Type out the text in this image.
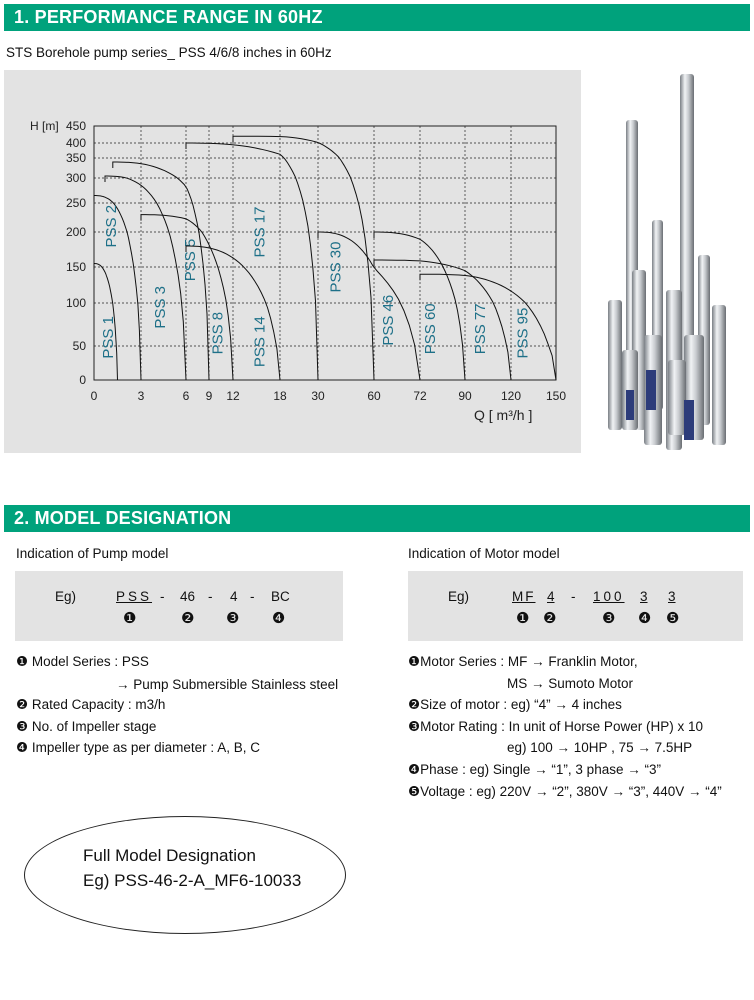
1. PERFORMANCE RANGE IN 60HZ
STS Borehole pump series_ PSS 4/6/8 inches in 60Hz
0	3	6 9 12	18 30	60	72	90 120 150
0
50
100
150
200
250
300
350
400
450
H [m]
Q [ m³/h ]
PSS 1
PSS 2
PSS 3
PSS 5
PSS 8 PSS 14
PSS 17
PSS 30
PSS 46 PSS 60 PSS 77 PSS 95
2. MODEL DESIGNATION
Indication of Pump model
Eg)	PSS - 46 - 4 - BC
❶	❷ ❸ ❹
❶ Model Series : PSS
→ Pump Submersible Stainless steel
❷ Rated Capacity : m3/h
❸ No. of Impeller stage
❹ Impeller type as per diameter : A, B, C
Indication of Motor model
Eg)	MF 4 - 100 3 3
❶ ❷	❸ ❹ ❺
❶Motor Series : MF → Franklin Motor,
MS → Sumoto Motor
❷Size of motor : eg) “4” → 4 inches
❸Motor Rating : In unit of Horse Power (HP) x 10
eg) 100 → 10HP , 75 → 7.5HP
❹Phase : eg) Single → “1”, 3 phase → “3”
❺Voltage : eg) 220V → “2”, 380V → “3”, 440V → “4”
Full Model Designation
Eg) PSS-46-2-A_MF6-10033
